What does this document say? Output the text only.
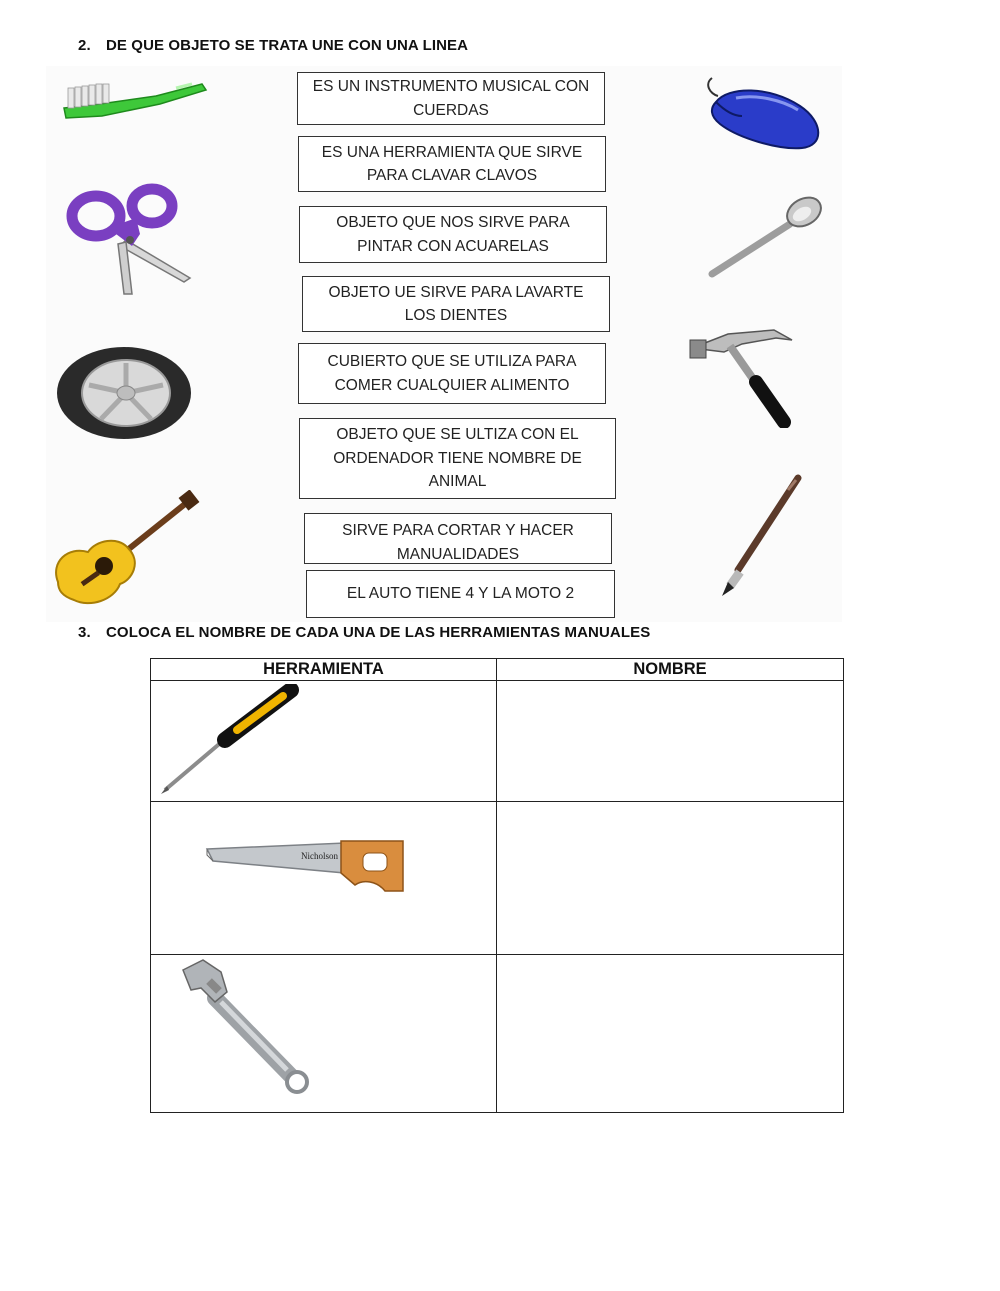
2. DE QUE OBJETO SE TRATA UNE CON UNA LINEA
ES UN INSTRUMENTO MUSICAL CON CUERDAS
ES UNA HERRAMIENTA QUE SIRVE PARA CLAVAR CLAVOS
OBJETO QUE NOS SIRVE PARA PINTAR CON ACUARELAS
OBJETO UE SIRVE PARA LAVARTE LOS DIENTES
CUBIERTO QUE SE UTILIZA PARA COMER CUALQUIER ALIMENTO
OBJETO QUE SE ULTIZA CON EL ORDENADOR TIENE NOMBRE DE ANIMAL
SIRVE PARA CORTAR Y HACER MANUALIDADES
EL AUTO TIENE 4 Y LA MOTO 2
3. COLOCA EL NOMBRE DE CADA UNA DE LAS HERRAMIENTAS MANUALES
HERRAMIENTA	NOMBRE

Nicholson	
